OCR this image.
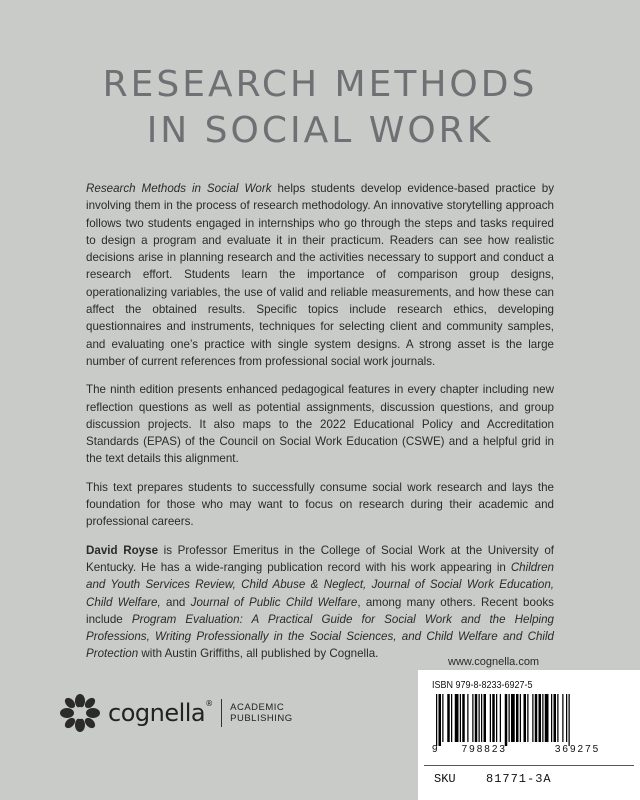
RESEARCH METHODS
IN SOCIAL WORK

Research Methods in Social Work helps students develop evidence-based practice by involving them in the process of research methodology. An innovative storytelling approach follows two students engaged in internships who go through the steps and tasks required to design a program and evaluate it in their practicum. Readers can see how realistic decisions arise in planning research and the activities necessary to support and conduct a research effort. Students learn the importance of comparison group designs, operationalizing variables, the use of valid and reliable measurements, and how these can affect the obtained results. Specific topics include research ethics, developing questionnaires and instruments, techniques for selecting client and community samples, and evaluating one’s practice with single system designs. A strong asset is the large number of current references from professional social work journals.

The ninth edition presents enhanced pedagogical features in every chapter including new reflection questions as well as potential assignments, discussion questions, and group discussion projects. It also maps to the 2022 Educational Policy and Accreditation Standards (EPAS) of the Council on Social Work Education (CSWE) and a helpful grid in the text details this alignment.

This text prepares students to successfully consume social work research and lays the foundation for those who may want to focus on research during their academic and professional careers.

David Royse is Professor Emeritus in the College of Social Work at the University of Kentucky. He has a wide-ranging publication record with his work appearing in Children and Youth Services Review, Child Abuse & Neglect, Journal of Social Work Education, Child Welfare, and Journal of Public Child Welfare, among many others. Recent books include Program Evaluation: A Practical Guide for Social Work and the Helping Professions, Writing Professionally in the Social Sciences, and Child Welfare and Child Protection with Austin Griffiths, all published by Cognella.

cognella® ACADEMIC
PUBLISHING
www.cognella.com
ISBN 979-8-8233-6927-5
9 798823	369275
SKU	81771-3A
